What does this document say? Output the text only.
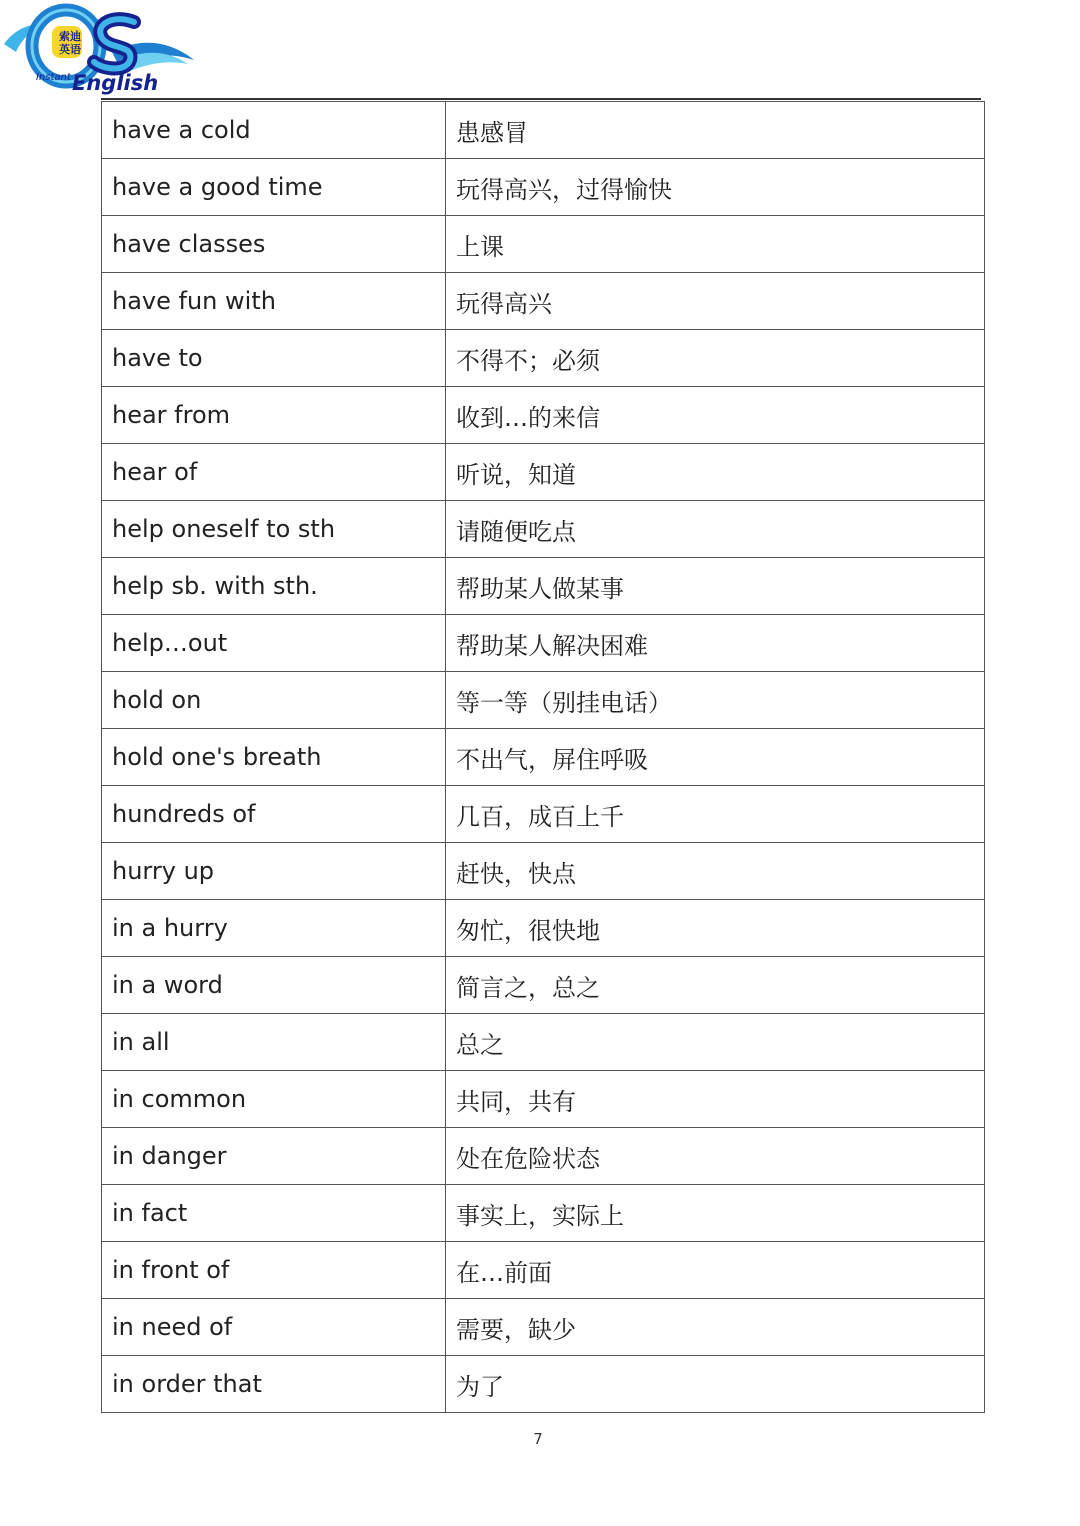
索迪
英语
Instant English
have a cold	患感冒
have a good time	玩得高兴，过得愉快
have classes	上课
have fun with	玩得高兴
have to	不得不；必须
hear from	收到…的来信
hear of	听说，知道
help oneself to sth	请随便吃点
help sb. with sth.	帮助某人做某事
help…out	帮助某人解决困难
hold on	等一等（别挂电话）
hold one's breath	不出气，屏住呼吸
hundreds of	几百，成百上千
hurry up	赶快，快点
in a hurry	匆忙，很快地
in a word	简言之，总之
in all	总之
in common	共同，共有
in danger	处在危险状态
in fact	事实上，实际上
in front of	在…前面
in need of	需要，缺少
in order that	为了
7
